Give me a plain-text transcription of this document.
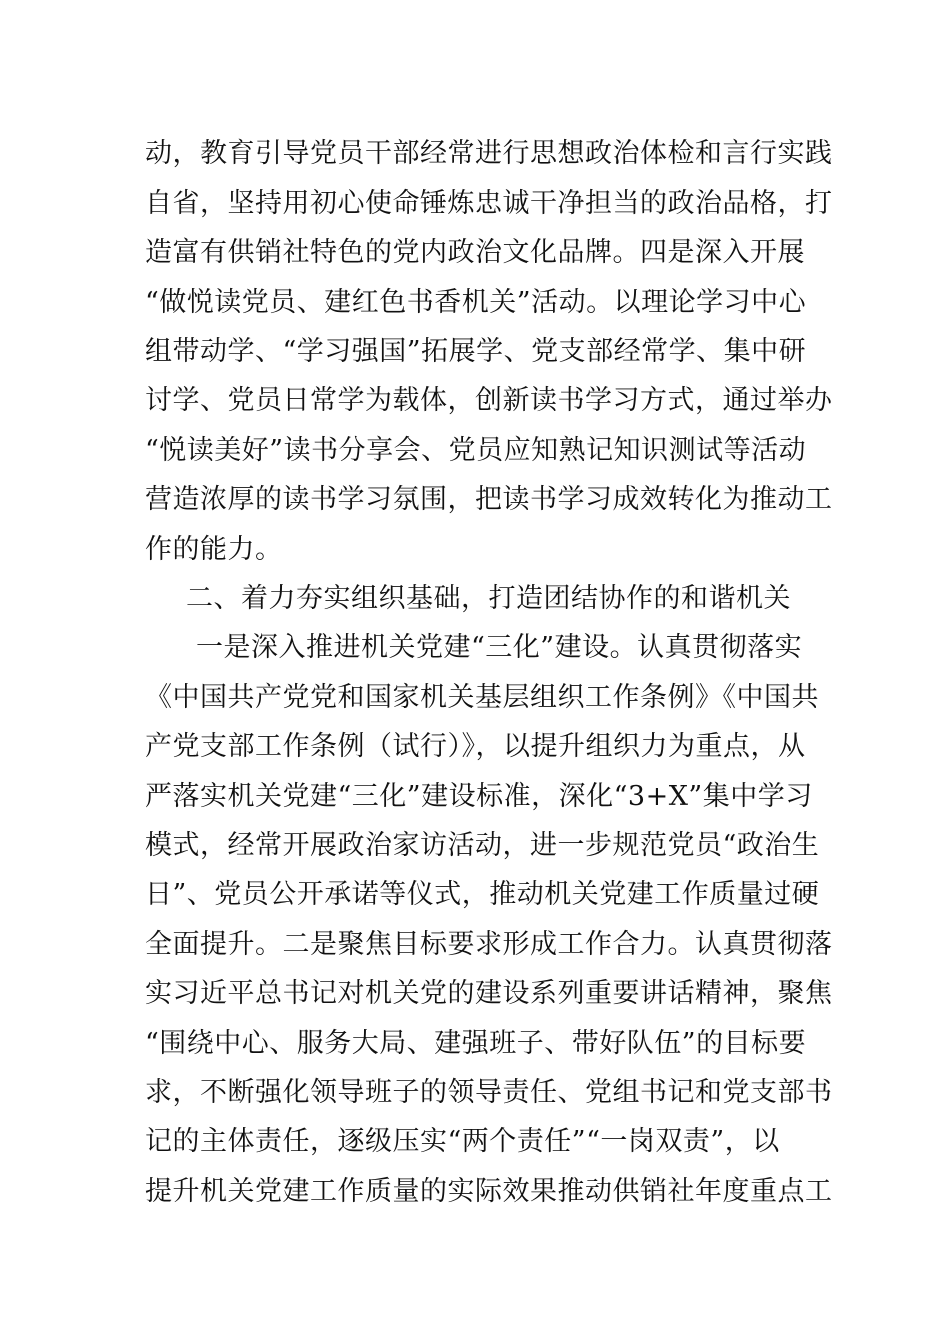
动，教育引导党员干部经常进行思想政治体检和言行实践
自省，坚持用初心使命锤炼忠诚干净担当的政治品格，打
造富有供销社特色的党内政治文化品牌。四是深入开展
“做悦读党员、建红色书香机关”活动。以理论学习中心
组带动学、“学习强国”拓展学、党支部经常学、集中研
讨学、党员日常学为载体，创新读书学习方式，通过举办
“悦读美好”读书分享会、党员应知熟记知识测试等活动
营造浓厚的读书学习氛围，把读书学习成效转化为推动工
作的能力。
二、着力夯实组织基础，打造团结协作的和谐机关
一是深入推进机关党建“三化”建设。认真贯彻落实
《中国共产党党和国家机关基层组织工作条例》《中国共
产党支部工作条例（试行）》，以提升组织力为重点，从
严落实机关党建“三化”建设标准，深化“3+X”集中学习
模式，经常开展政治家访活动，进一步规范党员“政治生
日”、党员公开承诺等仪式，推动机关党建工作质量过硬
全面提升。二是聚焦目标要求形成工作合力。认真贯彻落
实习近平总书记对机关党的建设系列重要讲话精神，聚焦
“围绕中心、服务大局、建强班子、带好队伍”的目标要
求，不断强化领导班子的领导责任、党组书记和党支部书
记的主体责任，逐级压实“两个责任”“一岗双责”，以
提升机关党建工作质量的实际效果推动供销社年度重点工
